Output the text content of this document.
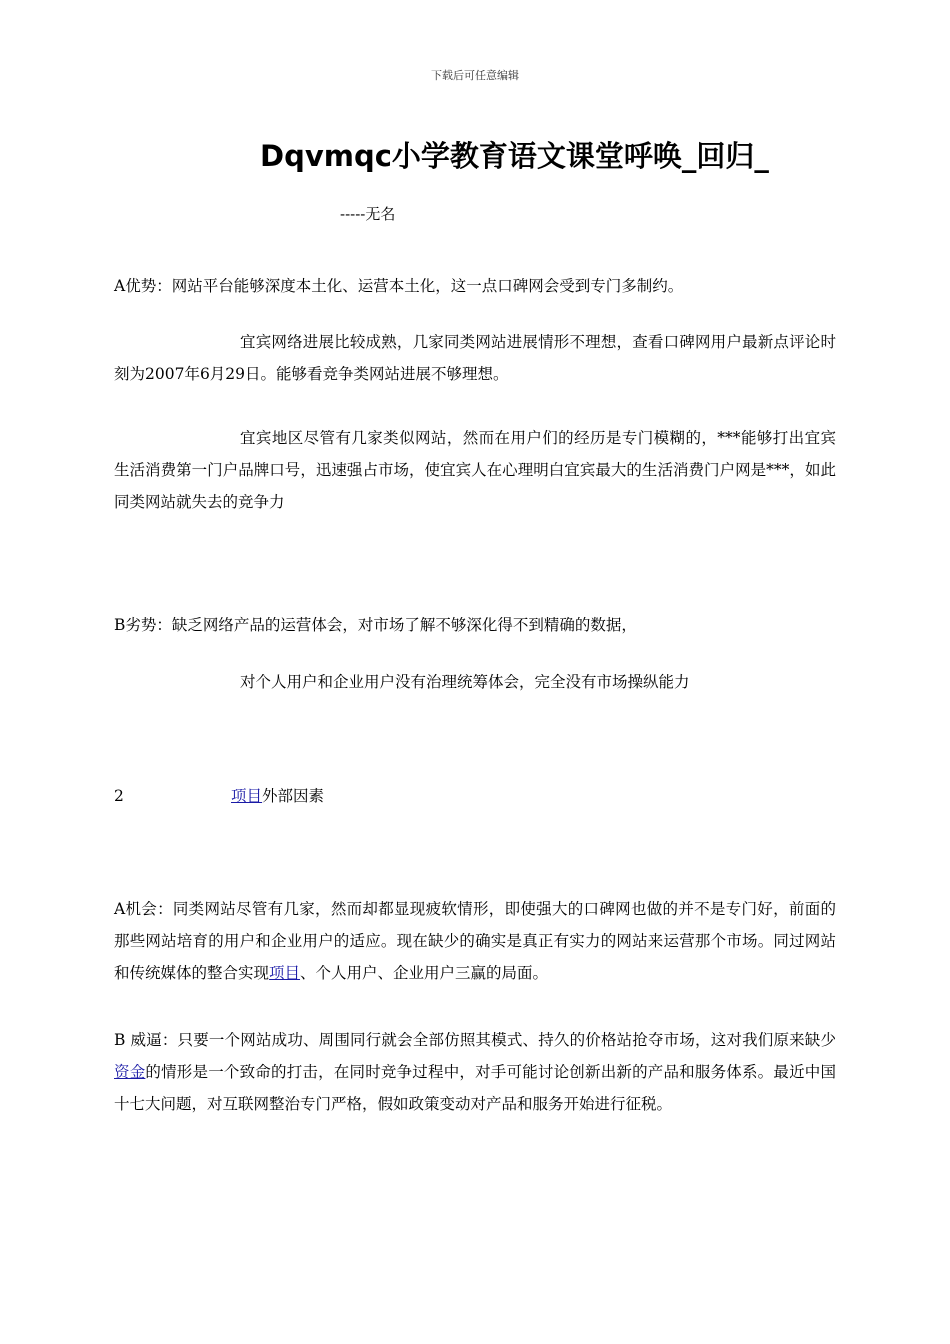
下载后可任意编辑
Dqvmqc小学教育语文课堂呼唤_回归_
-----无名
A优势：网站平台能够深度本土化、运营本土化，这一点口碑网会受到专门多制约。
宜宾网络进展比较成熟，几家同类网站进展情形不理想，查看口碑网用户最新点评论时刻为2007年6月29日。能够看竞争类网站进展不够理想。
宜宾地区尽管有几家类似网站，然而在用户们的经历是专门模糊的，***能够打出宜宾生活消费第一门户品牌口号，迅速强占市场，使宜宾人在心理明白宜宾最大的生活消费门户网是***，如此同类网站就失去的竞争力
B劣势：缺乏网络产品的运营体会，对市场了解不够深化得不到精确的数据，
对个人用户和企业用户没有治理统筹体会，完全没有市场操纵能力
2	项目外部因素
A机会：同类网站尽管有几家，然而却都显现疲软情形，即使强大的口碑网也做的并不是专门好，前面的那些网站培育的用户和企业用户的适应。现在缺少的确实是真正有实力的网站来运营那个市场。同过网站和传统媒体的整合实现项目、个人用户、企业用户三赢的局面。
B 威逼：只要一个网站成功、周围同行就会全部仿照其模式、持久的价格站抢夺市场，这对我们原来缺少资金的情形是一个致命的打击，在同时竞争过程中，对手可能讨论创新出新的产品和服务体系。最近中国十七大问题，对互联网整治专门严格，假如政策变动对产品和服务开始进行征税。
